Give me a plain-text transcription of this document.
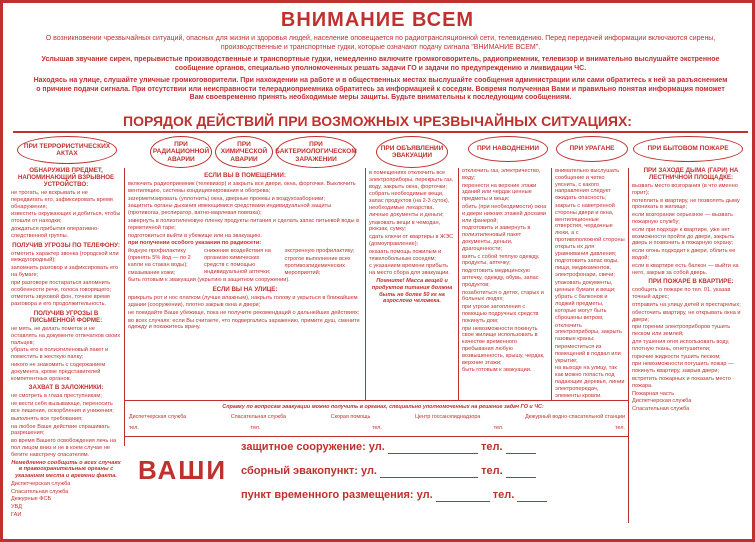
ВНИМАНИЕ ВСЕМ
О возникновении чрезвычайных ситуаций, опасных для жизни и здоровья людей, население оповещается по радиотрансляционной сети, телевидению. Перед передачей информации включаются сирены, производственные и транспортные гудки, которые означают подачу сигнала "ВНИМАНИЕ ВСЕМ".
Услышав звучание сирен, прерывистые производственные и транспортные гудки, немедленно включите громкоговоритель, радиоприемник, телевизор и внимательно выслушайте экстренное сообщение органов, специально уполномоченных решать задачи ГО и задачи по предупреждению и ликвидации ЧС.
Находясь на улице, слушайте уличные громкоговорители. При нахождении на работе и в общественных местах выслушайте сообщения администрации или сами обратитесь к ней за разъяснением о причине подачи сигнала. При отсутствии или неисправности телерадиоприемника обратитесь за информацией к соседям. Вовремя полученная Вами и правильно понятая информация поможет Вам своевременно принять необходимые меры защиты. Будьте внимательны к последующим сообщениям.
ПОРЯДОК ДЕЙСТВИЙ ПРИ ВОЗМОЖНЫХ ЧРЕЗВЫЧАЙНЫХ СИТУАЦИЯХ:
ПРИ ТЕРРОРИСТИЧЕСКИХ АКТАХ
ПРИ РАДИАЦИОННОЙ АВАРИИ
ПРИ ХИМИЧЕСКОЙ АВАРИИ
ПРИ БАКТЕРИОЛОГИЧЕСКОМ ЗАРАЖЕНИИ
ПРИ ОБЪЯВЛЕНИИ ЭВАКУАЦИИ
ПРИ НАВОДНЕНИИ	ПРИ УРАГАНЕ	ПРИ БЫТОВОМ ПОЖАРЕ
ОБНАРУЖИВ ПРЕДМЕТ, НАПОМИНАЮЩИЙ ВЗРЫВНОЕ УСТРОЙСТВО:

не трогать, не вскрывать и не передвигать его, зафиксировать время обнаружения;

известить окружающих и добиться, чтобы отошли от находки;

дождаться прибытия оперативно-следственной группы.

ПОЛУЧИВ УГРОЗЫ ПО ТЕЛЕФОНУ:

отметить характер звонка (городской или междугородный);

запомнить разговор и зафиксировать его на бумаге;

при разговоре постараться запомнить особенности речи, голоса говорящего;

отметить звуковой фон, точное время разговора и его продолжительность.

ПОЛУЧИВ УГРОЗЫ В ПИСЬМЕННОЙ ФОРМЕ:

не мять, не делать пометок и не оставлять на документе отпечатков своих пальцев;

убрать его в полиэтиленовый пакет и поместить в жесткую папку;

никого не знакомить с содержанием документа, кроме представителей компетентных органов.

ЗАХВАТ В ЗАЛОЖНИКИ:

не смотреть в глаза преступникам;

не вести себя вызывающе, переносить все лишения, оскорбления и унижения;

выполнять все требования;

на любое Ваше действие спрашивать разрешения;

во время Вашего освобождения лечь на пол лицом вниз и не в коем случае не бегите навстречу спасателям.

Немедленно сообщить о всех случаях в правоохранительные органы с указанием места и времени факта.

Диспетчерская служба

Спасательная служба

Дежурные ФСБ

УВД

ГАИ

ЕСЛИ ВЫ В ПОМЕЩЕНИИ:

включить радиоприемник (телевизор) и закрыть все двери, окна, форточки. Выключить вентиляцию, системы кондиционирования и обогрева;

загерметизировать (уплотнить) окна, дверные проемы и воздухозаборники;

защитить органы дыхания имеющимися средствами индивидуальной защиты (противогаз, респиратор, ватно-марлевая повязка);

завернуть в полиэтиленовую пленку продукты питания и сделать запас питьевой воды в герметичной таре;

подготовиться выйти в убежище или на эвакуацию.

при получении особого указания по радиосети:

йодную профилактику (принять 5% йод — по 2 капли на стакан воды);

смазывание кожи;

снижение воздействия на организм химических средств с помощью индивидуальной аптечки;

экстренную профилактику;

строгое выполнение всех противоэпидемических мероприятий;

быть готовым к эвакуации (укрытию в защитном сооружении).

ЕСЛИ ВЫ НА УЛИЦЕ:

прикрыть рот и нос платком (лучше влажным), накрыть голову и укрыться в ближайшем здании (сооружении), плотно закрыв окна и двери;

не покидайте Ваше убежище, пока не получите рекомендаций о дальнейших действиях;

во всех случаях: если Вы считаете, что подвергались заражению, примите душ, смените одежду и покажитесь врачу.

в помещениях отключить все электроприборы, перекрыть газ, воду, закрыть окна, форточки;

собрать необходимые вещи, запас продуктов (на 2-3 суток), необходимые лекарства, личные документы и деньги;

упаковать вещи в чемодан, рюкзак, сумку;

сдать ключи от квартиры в ЖЭС (домоуправление);

оказать помощь пожилым и тяжелобольным соседям;

с указанием времени прибыть на место сбора для эвакуации.

Помните! Масса вещей и продуктов питания должна быть не более 50 кг на взрослого человека.

отключить газ, электричество, воду;

перенести на верхние этажи зданий или чердак ценные предметы и вещи;

обить (при необходимости) окна и двери нижних этажей досками или фанерой;

подготовить и завернуть в полиэтиленовый пакет документы, деньги, драгоценности;

взять с собой теплую одежду, продукты, аптечку;

подготовить медицинскую аптечку, одежду, обувь, запас продуктов;

позаботиться о детях, старых и больных людях;

при угрозе затопления с помощью подручных средств покинуть дом;

при невозможности покинуть свое жилище использовать в качестве временного пребывания любую возвышенность, крышу, чердак, верхние этажи;

быть готовым к эвакуации.

внимательно выслушать сообщение и четко уяснить, с какого направления следует ожидать опасность;

закрыть с наветренной стороны двери и окна, вентиляционные отверстия, чердачные люки, а с противоположной стороны открыть их для уравнивания давления;

подготовить запас воды, пищи, медикаментов, электрофонари, свечи;

упаковать документы, ценные бумаги и вещи;

убрать с балконов и лоджий предметы, которые могут быть сброшены ветром;

отключить электроприборы, закрыть газовые краны;

переместиться из помещений в подвал или укрытие;

на выходе на улицу, так как можно попасть под падающие деревья, линии электропередач, элементы кровли.

ПРИ ЗАХОДЕ ДЫМА (ГАРИ) НА ЛЕСТНИЧНОЙ ПЛОЩАДКЕ:

вызвать место возгорания (в что именно горит);

потеплить в квартиру, не позволять дыму проникать в жилище;

если возгорание серьезное — вызвать пожарную службу;

если при подходе к квартире, уже нет возможности пройти до двери, закрыть дверь и позвонить в пожарную охрану;

если огонь подходит к двери, облить ее водой;

если в квартире есть балкон — выйти на него, закрыв за собой дверь.

ПРИ ПОЖАРЕ В КВАРТИРЕ:

сообщить о пожаре по тел. 01, указав точный адрес;

отправить на улицу детей и престарелых;

обесточить квартиру, не открывать окна и двери;

при горении электроприборов тушить песком или землей;

для тушения огня использовать воду, плотную ткань, огнетушители;

горючие жидкости тушить песком;

при невозможности потушить пожар — покинуть квартиру, закрыв двери;

встретить пожарных и показать место пожара.

Пожарная часть

Диспетчерская служба

Спасательная служба

Справку по вопросам эвакуации можно получить в органах, специально уполномоченных на решение задач ГО и ЧС:
Диспетчерская служба	Спасательная служба	Скорая помощь	Центр госсанэпиднадзора	Дежурный водно-спасательной станции
тел.	тел.	тел.	тел.	тел.
ВАШИ
защитное сооружение: ул.	тел.
сборный эвакопункт: ул.	тел.
пункт временного размещения: ул.	тел.
